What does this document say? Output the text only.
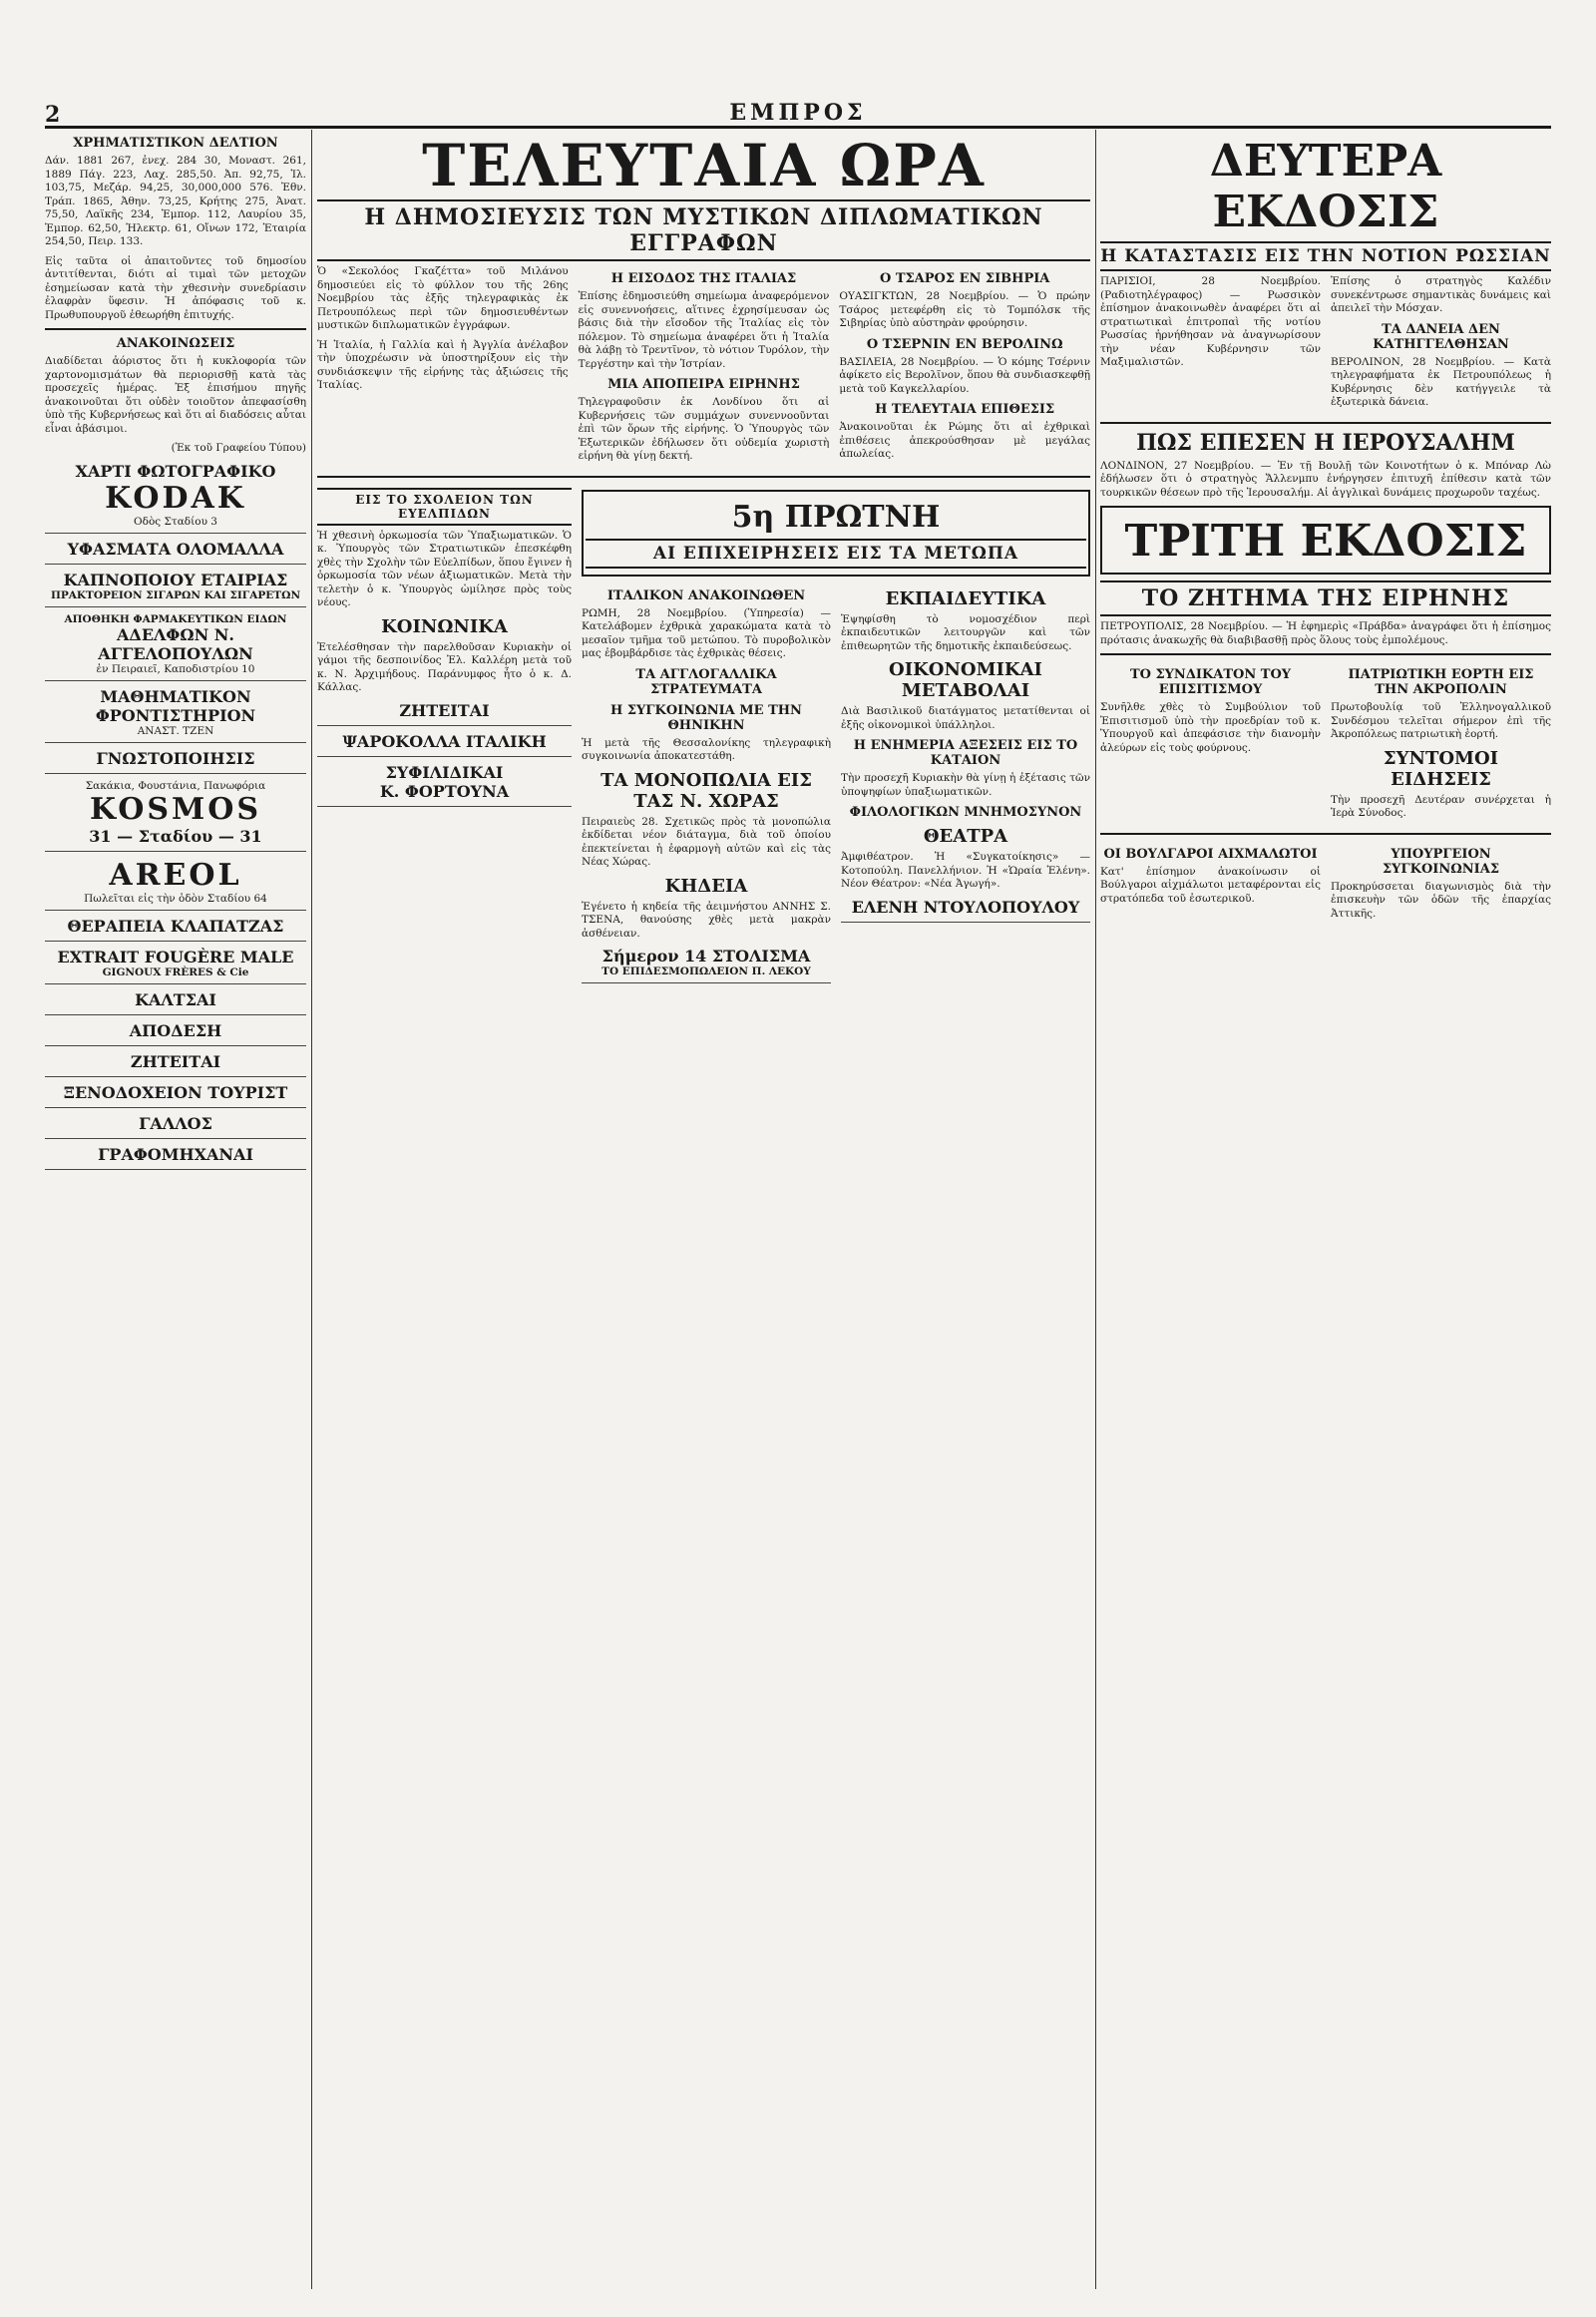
2	ΕΜΠΡΟΣ
ΧΡΗΜΑΤΙΣΤΙΚΟΝ ΔΕΛΤΙΟΝ

Δάν. 1881 267, ἐνεχ. 284 30, Μοναστ. 261, 1889 Πάγ. 223, Λαχ. 285,50. Ἀπ. 92,75, Ἰλ. 103,75, Μεζάρ. 94,25, 30,000,000 576. Ἐθν. Τράπ. 1865, Ἀθην. 73,25, Κρήτης 275, Ἀνατ. 75,50, Λαϊκῆς 234, Ἐμπορ. 112, Λαυρίου 35, Ἐμπορ. 62,50, Ἠλεκτρ. 61, Οἴνων 172, Ἐταιρία 254,50, Πειρ. 133.

Εἰς ταῦτα οἱ ἀπαιτοῦντες τοῦ δημοσίου ἀντιτίθενται, διότι αἱ τιμαὶ τῶν μετοχῶν ἐσημείωσαν κατὰ τὴν χθεσινὴν συνεδρίασιν ἐλαφρὰν ὕφεσιν. Ἡ ἀπόφασις τοῦ κ. Πρωθυπουργοῦ ἐθεωρήθη ἐπιτυχής.

ΑΝΑΚΟΙΝΩΣΕΙΣ

Διαδίδεται ἀόριστος ὅτι ἡ κυκλοφορία τῶν χαρτονομισμάτων θὰ περιορισθῇ κατὰ τὰς προσεχεῖς ἡμέρας. Ἐξ ἐπισήμου πηγῆς ἀνακοινοῦται ὅτι οὐδὲν τοιοῦτον ἀπεφασίσθη ὑπὸ τῆς Κυβερνήσεως καὶ ὅτι αἱ διαδόσεις αὗται εἶναι ἀβάσιμοι.

(Ἐκ τοῦ Γραφείου Τύπου)

ΧΑΡΤΙ ΦΩΤΟΓΡΑΦΙΚΟ
KODAK
Οδὸς Σταδίου 3
ΥΦΑΣΜΑΤΑ ΟΛΟΜΑΛΛΑ
ΚΑΠΝΟΠΟΙΟΥ ΕΤΑΙΡΙΑΣ
ΠΡΑΚΤΟΡΕΙΟΝ ΣΙΓΑΡΩΝ ΚΑΙ ΣΙΓΑΡΕΤΩΝ
ΑΠΟΘΗΚΗ ΦΑΡΜΑΚΕΥΤΙΚΩΝ ΕΙΔΩΝ
ΑΔΕΛΦΩΝ Ν. ΑΓΓΕΛΟΠΟΥΛΩΝ
ἐν Πειραιεῖ, Καποδιστρίου 10
ΜΑΘΗΜΑΤΙΚΟΝ ΦΡΟΝΤΙΣΤΗΡΙΟΝ
ΑΝΑΣΤ. ΤΖΕΝ
ΓΝΩΣΤΟΠΟΙΗΣΙΣ
Σακάκια, Φουστάνια, Πανωφόρια
KOSMOS
31 — Σταδίου — 31
AREOL
Πωλεῖται εἰς τὴν ὁδὸν Σταδίου 64
ΘΕΡΑΠΕΙΑ ΚΛΑΠΑΤΖΑΣ
EXTRAIT FOUGÈRE MALE
GIGNOUX FRÈRES & Cie
ΚΑΛΤΣΑΙ
ΑΠΟΔΕΣΗ
ΖΗΤΕΙΤΑΙ
ΞΕΝΟΔΟΧΕΙΟΝ ΤΟΥΡΙΣΤ
ΓΑΛΛΟΣ
ΓΡΑΦΟΜΗΧΑΝΑΙ
ΤΕΛΕΥΤΑΙΑ ΩΡΑ
Η ΔΗΜΟΣΙΕΥΣΙΣ ΤΩΝ ΜΥΣΤΙΚΩΝ ΔΙΠΛΩΜΑΤΙΚΩΝ ΕΓΓΡΑΦΩΝ

Ὁ «Σεκολόος Γκαζέττα» τοῦ Μιλάνου δημοσιεύει εἰς τὸ φύλλον του τῆς 26ης Νοεμβρίου τὰς ἐξῆς τηλεγραφικὰς ἐκ Πετρουπόλεως περὶ τῶν δημοσιευθέντων μυστικῶν διπλωματικῶν ἐγγράφων.

Ἡ Ἰταλία, ἡ Γαλλία καὶ ἡ Ἀγγλία ἀνέλαβον τὴν ὑποχρέωσιν νὰ ὑποστηρίξουν εἰς τὴν συνδιάσκεψιν τῆς εἰρήνης τὰς ἀξιώσεις τῆς Ἰταλίας.

Η ΕΙΣΟΔΟΣ ΤΗΣ ΙΤΑΛΙΑΣ

Ἐπίσης ἐδημοσιεύθη σημείωμα ἀναφερόμενον εἰς συνεννοήσεις, αἵτινες ἐχρησίμευσαν ὡς βάσις διὰ τὴν εἴσοδον τῆς Ἰταλίας εἰς τὸν πόλεμον. Τὸ σημείωμα ἀναφέρει ὅτι ἡ Ἰταλία θὰ λάβῃ τὸ Τρεντῖνον, τὸ νότιον Τυρόλον, τὴν Τεργέστην καὶ τὴν Ἰστρίαν.

ΜΙΑ ΑΠΟΠΕΙΡΑ ΕΙΡΗΝΗΣ

Τηλεγραφοῦσιν ἐκ Λονδίνου ὅτι αἱ Κυβερνήσεις τῶν συμμάχων συνεννοοῦνται ἐπὶ τῶν ὅρων τῆς εἰρήνης. Ὁ Ὑπουργὸς τῶν Ἐξωτερικῶν ἐδήλωσεν ὅτι οὐδεμία χωριστὴ εἰρήνη θὰ γίνῃ δεκτή.

Ο ΤΣΑΡΟΣ ΕΝ ΣΙΒΗΡΙΑ

ΟΥΑΣΙΓΚΤΩΝ, 28 Νοεμβρίου. — Ὁ πρώην Τσάρος μετεφέρθη εἰς τὸ Τομπόλσκ τῆς Σιβηρίας ὑπὸ αὐστηρὰν φρούρησιν.

Ο ΤΣΕΡΝΙΝ ΕΝ ΒΕΡΟΛΙΝΩ

ΒΑΣΙΛΕΙΑ, 28 Νοεμβρίου. — Ὁ κόμης Τσέρνιν ἀφίκετο εἰς Βερολῖνον, ὅπου θὰ συνδιασκεφθῇ μετὰ τοῦ Καγκελλαρίου.

Η ΤΕΛΕΥΤΑΙΑ ΕΠΙΘΕΣΙΣ

Ἀνακοινοῦται ἐκ Ρώμης ὅτι αἱ ἐχθρικαὶ ἐπιθέσεις ἀπεκρούσθησαν μὲ μεγάλας ἀπωλείας.

ΕΙΣ ΤΟ ΣΧΟΛΕΙΟΝ ΤΩΝ ΕΥΕΛΠΙΔΩΝ

Ἡ χθεσινὴ ὁρκωμοσία τῶν Ὑπαξιωματικῶν. Ὁ κ. Ὑπουργὸς τῶν Στρατιωτικῶν ἐπεσκέφθη χθὲς τὴν Σχολὴν τῶν Εὐελπίδων, ὅπου ἔγινεν ἡ ὁρκωμοσία τῶν νέων ἀξιωματικῶν. Μετὰ τὴν τελετὴν ὁ κ. Ὑπουργὸς ὡμίλησε πρὸς τοὺς νέους.

ΚΟΙΝΩΝΙΚΑ

Ἐτελέσθησαν τὴν παρελθοῦσαν Κυριακὴν οἱ γάμοι τῆς δεσποινίδος Ἐλ. Καλλέρη μετὰ τοῦ κ. Ν. Ἀρχιμήδους. Παράνυμφος ἦτο ὁ κ. Δ. Κάλλας.

ΖΗΤΕΙΤΑΙ
ΨΑΡΟΚΟΛΛΑ ΙΤΑΛΙΚΗ
ΣΥΦΙΛΙΔΙΚΑΙ
Κ. ΦΟΡΤΟΥΝΑ
5η ΠΡΩΤΝΗ
ΑΙ ΕΠΙΧΕΙΡΗΣΕΙΣ ΕΙΣ ΤΑ ΜΕΤΩΠΑ
ΙΤΑΛΙΚΟΝ ΑΝΑΚΟΙΝΩΘΕΝ

ΡΩΜΗ, 28 Νοεμβρίου. (Ὑπηρεσία) — Κατελάβομεν ἐχθρικὰ χαρακώματα κατὰ τὸ μεσαῖον τμῆμα τοῦ μετώπου. Τὸ πυροβολικὸν μας ἐβομβάρδισε τὰς ἐχθρικὰς θέσεις.

ΤΑ ΑΓΓΛΟΓΑΛΛΙΚΑ ΣΤΡΑΤΕΥΜΑΤΑ
Η ΣΥΓΚΟΙΝΩΝΙΑ ΜΕ ΤΗΝ ΘΗΝΙΚΗΝ

Ἡ μετὰ τῆς Θεσσαλονίκης τηλεγραφικὴ συγκοινωνία ἀποκατεστάθη.

ΤΑ ΜΟΝΟΠΩΛΙΑ ΕΙΣ ΤΑΣ Ν. ΧΩΡΑΣ

Πειραιεὺς 28. Σχετικῶς πρὸς τὰ μονοπώλια ἐκδίδεται νέον διάταγμα, διὰ τοῦ ὁποίου ἐπεκτείνεται ἡ ἐφαρμογὴ αὐτῶν καὶ εἰς τὰς Νέας Χώρας.

ΚΗΔΕΙΑ

Ἐγένετο ἡ κηδεία τῆς ἀειμνήστου ΑΝΝΗΣ Σ. ΤΣΕΝΑ, θανούσης χθὲς μετὰ μακρὰν ἀσθένειαν.

Σήμερον 14 ΣΤΟΛΙΣΜΑ
ΤΟ ΕΠΙΔΕΣΜΟΠΩΛΕΙΟΝ Π. ΛΕΚΟΥ
ΕΚΠΑΙΔΕΥΤΙΚΑ

Ἐψηφίσθη τὸ νομοσχέδιον περὶ ἐκπαιδευτικῶν λειτουργῶν καὶ τῶν ἐπιθεωρητῶν τῆς δημοτικῆς ἐκπαιδεύσεως.

ΟΙΚΟΝΟΜΙΚΑΙ ΜΕΤΑΒΟΛΑΙ

Διὰ Βασιλικοῦ διατάγματος μετατίθενται οἱ ἐξῆς οἰκονομικοὶ ὑπάλληλοι.

Η ΕΝΗΜΕΡΙΑ ΑΞΕΣΕΙΣ ΕΙΣ ΤΟ ΚΑΤΑΙΟΝ

Τὴν προσεχῆ Κυριακὴν θὰ γίνῃ ἡ ἐξέτασις τῶν ὑποψηφίων ὑπαξιωματικῶν.

ΦΙΛΟΛΟΓΙΚΩΝ ΜΝΗΜΟΣΥΝΟΝ
ΘΕΑΤΡΑ

Ἀμφιθέατρον. Ἡ «Συγκατοίκησις» — Κοτοπούλη. Πανελλήνιον. Ἡ «Ὡραία Ἑλένη». Νέον Θέατρον: «Νέα Ἀγωγή».

ΕΛΕΝΗ ΝΤΟΥΛΟΠΟΥΛΟΥ
ΔΕΥΤΕΡΑ ΕΚΔΟΣΙΣ
Η ΚΑΤΑΣΤΑΣΙΣ ΕΙΣ ΤΗΝ ΝΟΤΙΟΝ ΡΩΣΣΙΑΝ

ΠΑΡΙΣΙΟΙ, 28 Νοεμβρίου. (Ραδιοτηλέγραφος) — Ρωσσικὸν ἐπίσημον ἀνακοινωθὲν ἀναφέρει ὅτι αἱ στρατιωτικαὶ ἐπιτροπαὶ τῆς νοτίου Ρωσσίας ἠρνήθησαν νὰ ἀναγνωρίσουν τὴν νέαν Κυβέρνησιν τῶν Μαξιμαλιστῶν.

Ἐπίσης ὁ στρατηγὸς Καλέδιν συνεκέντρωσε σημαντικὰς δυνάμεις καὶ ἀπειλεῖ τὴν Μόσχαν.

ΤΑ ΔΑΝΕΙΑ ΔΕΝ ΚΑΤΗΓΓΕΛΘΗΣΑΝ

ΒΕΡΟΛΙΝΟΝ, 28 Νοεμβρίου. — Κατὰ τηλεγραφήματα ἐκ Πετρουπόλεως ἡ Κυβέρνησις δὲν κατήγγειλε τὰ ἐξωτερικὰ δάνεια.

ΠΩΣ ΕΠΕΣΕΝ Η ΙΕΡΟΥΣΑΛΗΜ

ΛΟΝΔΙΝΟΝ, 27 Νοεμβρίου. — Ἐν τῇ Βουλῇ τῶν Κοινοτήτων ὁ κ. Μπόναρ Λὼ ἐδήλωσεν ὅτι ὁ στρατηγὸς Ἄλλενμπυ ἐνήργησεν ἐπιτυχῆ ἐπίθεσιν κατὰ τῶν τουρκικῶν θέσεων πρὸ τῆς Ἱερουσαλήμ. Αἱ ἀγγλικαὶ δυνάμεις προχωροῦν ταχέως.

ΤΡΙΤΗ ΕΚΔΟΣΙΣ
ΤΟ ΖΗΤΗΜΑ ΤΗΣ ΕΙΡΗΝΗΣ

ΠΕΤΡΟΥΠΟΛΙΣ, 28 Νοεμβρίου. — Ἡ ἐφημερὶς «Πράβδα» ἀναγράφει ὅτι ἡ ἐπίσημος πρότασις ἀνακωχῆς θὰ διαβιβασθῇ πρὸς ὅλους τοὺς ἐμπολέμους.

ΤΟ ΣΥΝΔΙΚΑΤΟΝ ΤΟΥ ΕΠΙΣΙΤΙΣΜΟΥ

Συνῆλθε χθὲς τὸ Συμβούλιον τοῦ Ἐπισιτισμοῦ ὑπὸ τὴν προεδρίαν τοῦ κ. Ὑπουργοῦ καὶ ἀπεφάσισε τὴν διανομὴν ἀλεύρων εἰς τοὺς φούρνους.

ΠΑΤΡΙΩΤΙΚΗ ΕΟΡΤΗ ΕΙΣ ΤΗΝ ΑΚΡΟΠΟΛΙΝ

Πρωτοβουλίᾳ τοῦ Ἑλληνογαλλικοῦ Συνδέσμου τελεῖται σήμερον ἐπὶ τῆς Ἀκροπόλεως πατριωτικὴ ἑορτή.

ΣΥΝΤΟΜΟΙ ΕΙΔΗΣΕΙΣ

Τὴν προσεχῆ Δευτέραν συνέρχεται ἡ Ἱερὰ Σύνοδος.

ΟΙ ΒΟΥΛΓΑΡΟΙ ΑΙΧΜΑΛΩΤΟΙ

Κατ' ἐπίσημον ἀνακοίνωσιν οἱ Βούλγαροι αἰχμάλωτοι μεταφέρονται εἰς στρατόπεδα τοῦ ἐσωτερικοῦ.

ΥΠΟΥΡΓΕΙΟΝ ΣΥΓΚΟΙΝΩΝΙΑΣ

Προκηρύσσεται διαγωνισμὸς διὰ τὴν ἐπισκευὴν τῶν ὁδῶν τῆς ἐπαρχίας Ἀττικῆς.
